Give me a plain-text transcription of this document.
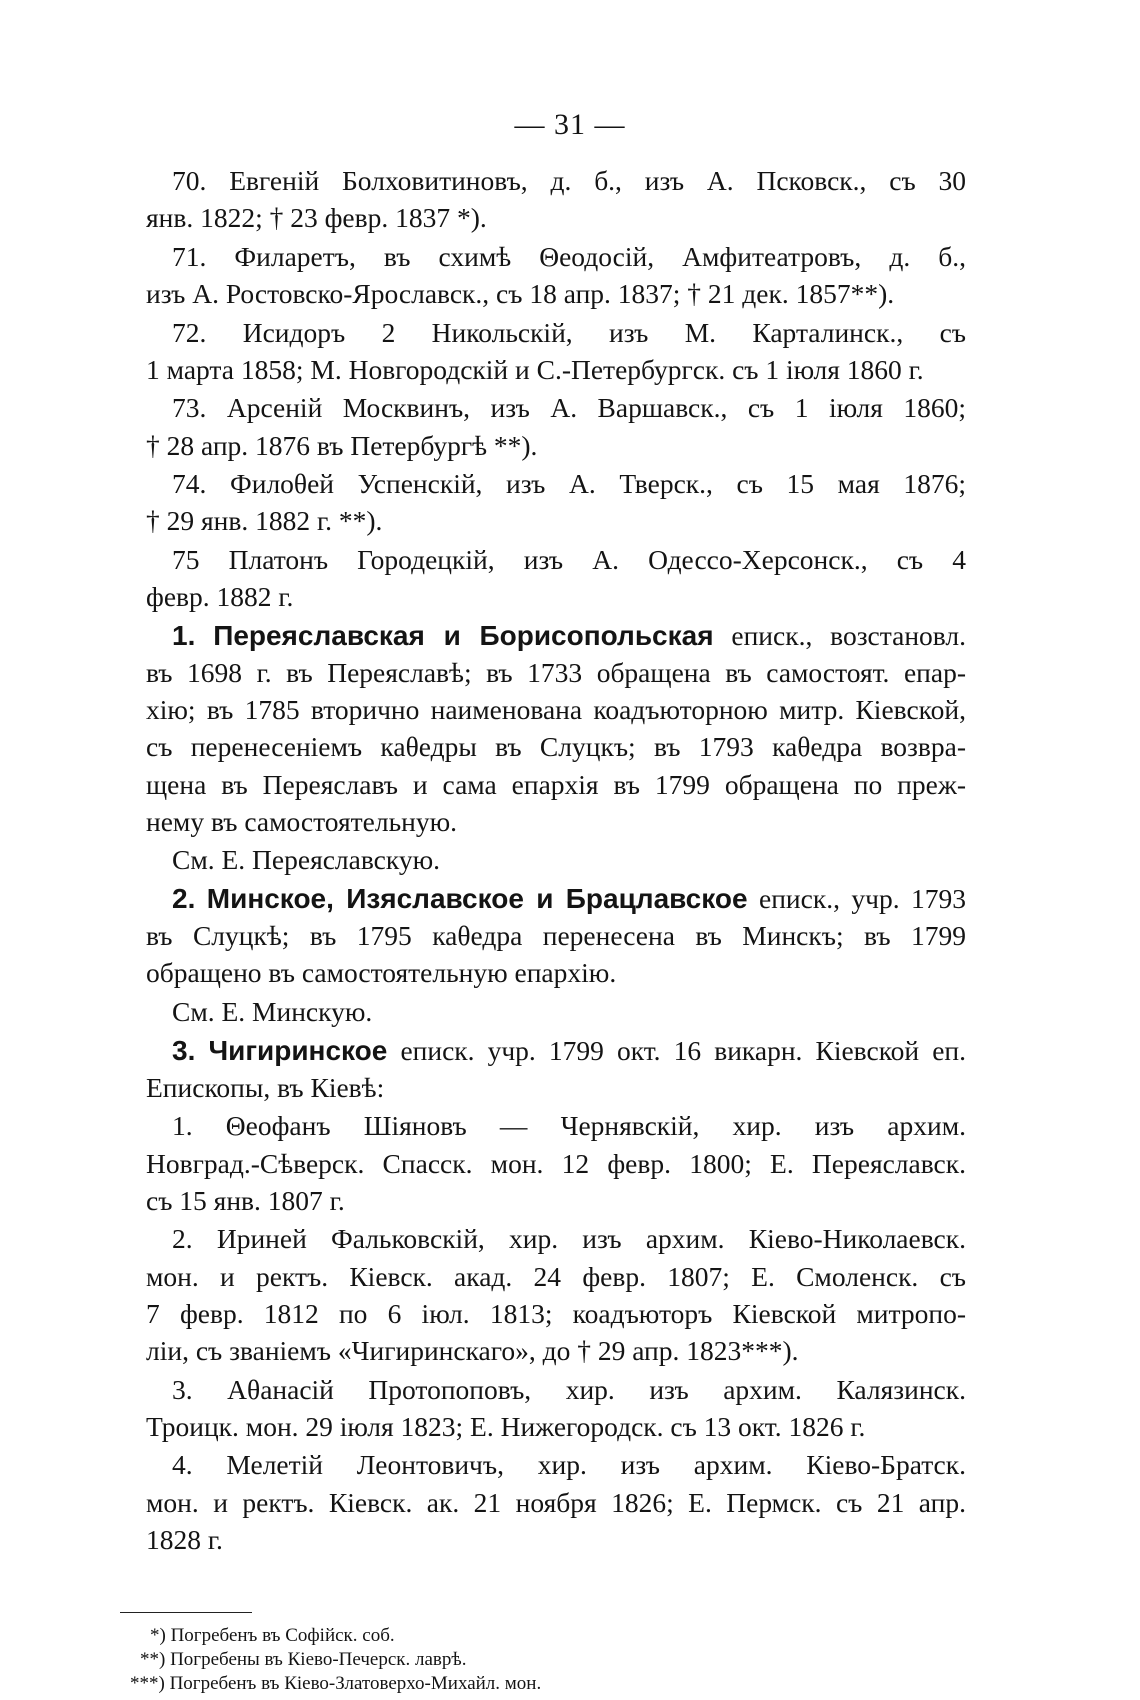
— 31 —
70. Евгеній Болховитиновъ, д. б., изъ А. Псковск., съ 30
янв. 1822; † 23 февр. 1837 *).
71. Филаретъ, въ схимѣ Θеодосій, Амфитеатровъ, д. б.,
изъ А. Ростовско-Ярославск., съ 18 апр. 1837; † 21 дек. 1857**).
72. Исидоръ 2 Никольскій, изъ М. Карталинск., съ
1 марта 1858; М. Новгородскій и С.-Петербургск. съ 1 іюля 1860 г.
73. Арсеній Москвинъ, изъ А. Варшавск., съ 1 іюля 1860;
† 28 апр. 1876 въ Петербургѣ **).
74. Филоθей Успенскій, изъ А. Тверск., съ 15 мая 1876;
† 29 янв. 1882 г. **).
75 Платонъ Городецкій, изъ А. Одессо-Херсонск., съ 4
февр. 1882 г.
1. Переяславская и Борисопольская еписк., возстановл.
въ 1698 г. въ Переяславѣ; въ 1733 обращена въ самостоят. епар-
хію; въ 1785 вторично наименована коадъюторною митр. Кіевской,
съ перенесеніемъ каθедры въ Слуцкъ; въ 1793 каθедра возвра-
щена въ Переяславъ и сама епархія въ 1799 обращена по преж-
нему въ самостоятельную.
См. Е. Переяславскую.
2. Минское, Изяславское и Брацлавское еписк., учр. 1793
въ Слуцкѣ; въ 1795 каθедра перенесена въ Минскъ; въ 1799
обращено въ самостоятельную епархію.
См. Е. Минскую.
3. Чигиринское еписк. учр. 1799 окт. 16 викарн. Кіевской еп.
Епископы, въ Кіевѣ:
1. Θеофанъ Шіяновъ — Чернявскій, хир. изъ архим.
Новград.-Сѣверск. Спасск. мон. 12 февр. 1800; Е. Переяславск.
съ 15 янв. 1807 г.
2. Ириней Фальковскій, хир. изъ архим. Кіево-Николаевск.
мон. и ректъ. Кіевск. акад. 24 февр. 1807; Е. Смоленск. съ
7 февр. 1812 по 6 іюл. 1813; коадъюторъ Кіевской митропо-
ліи, съ званіемъ «Чигиринскаго», до † 29 апр. 1823***).
3. Аθанасій Протопоповъ, хир. изъ архим. Калязинск.
Троицк. мон. 29 іюля 1823; Е. Нижегородск. съ 13 окт. 1826 г.
4. Мелетій Леонтовичъ, хир. изъ архим. Кіево-Братск.
мон. и ректъ. Кіевск. ак. 21 ноября 1826; Е. Пермск. съ 21 апр.
1828 г.
*) Погребенъ въ Софійск. соб.
**) Погребены въ Кіево-Печерск. лаврѣ.
***) Погребенъ въ Кіево-Златоверхо-Михайл. мон.
